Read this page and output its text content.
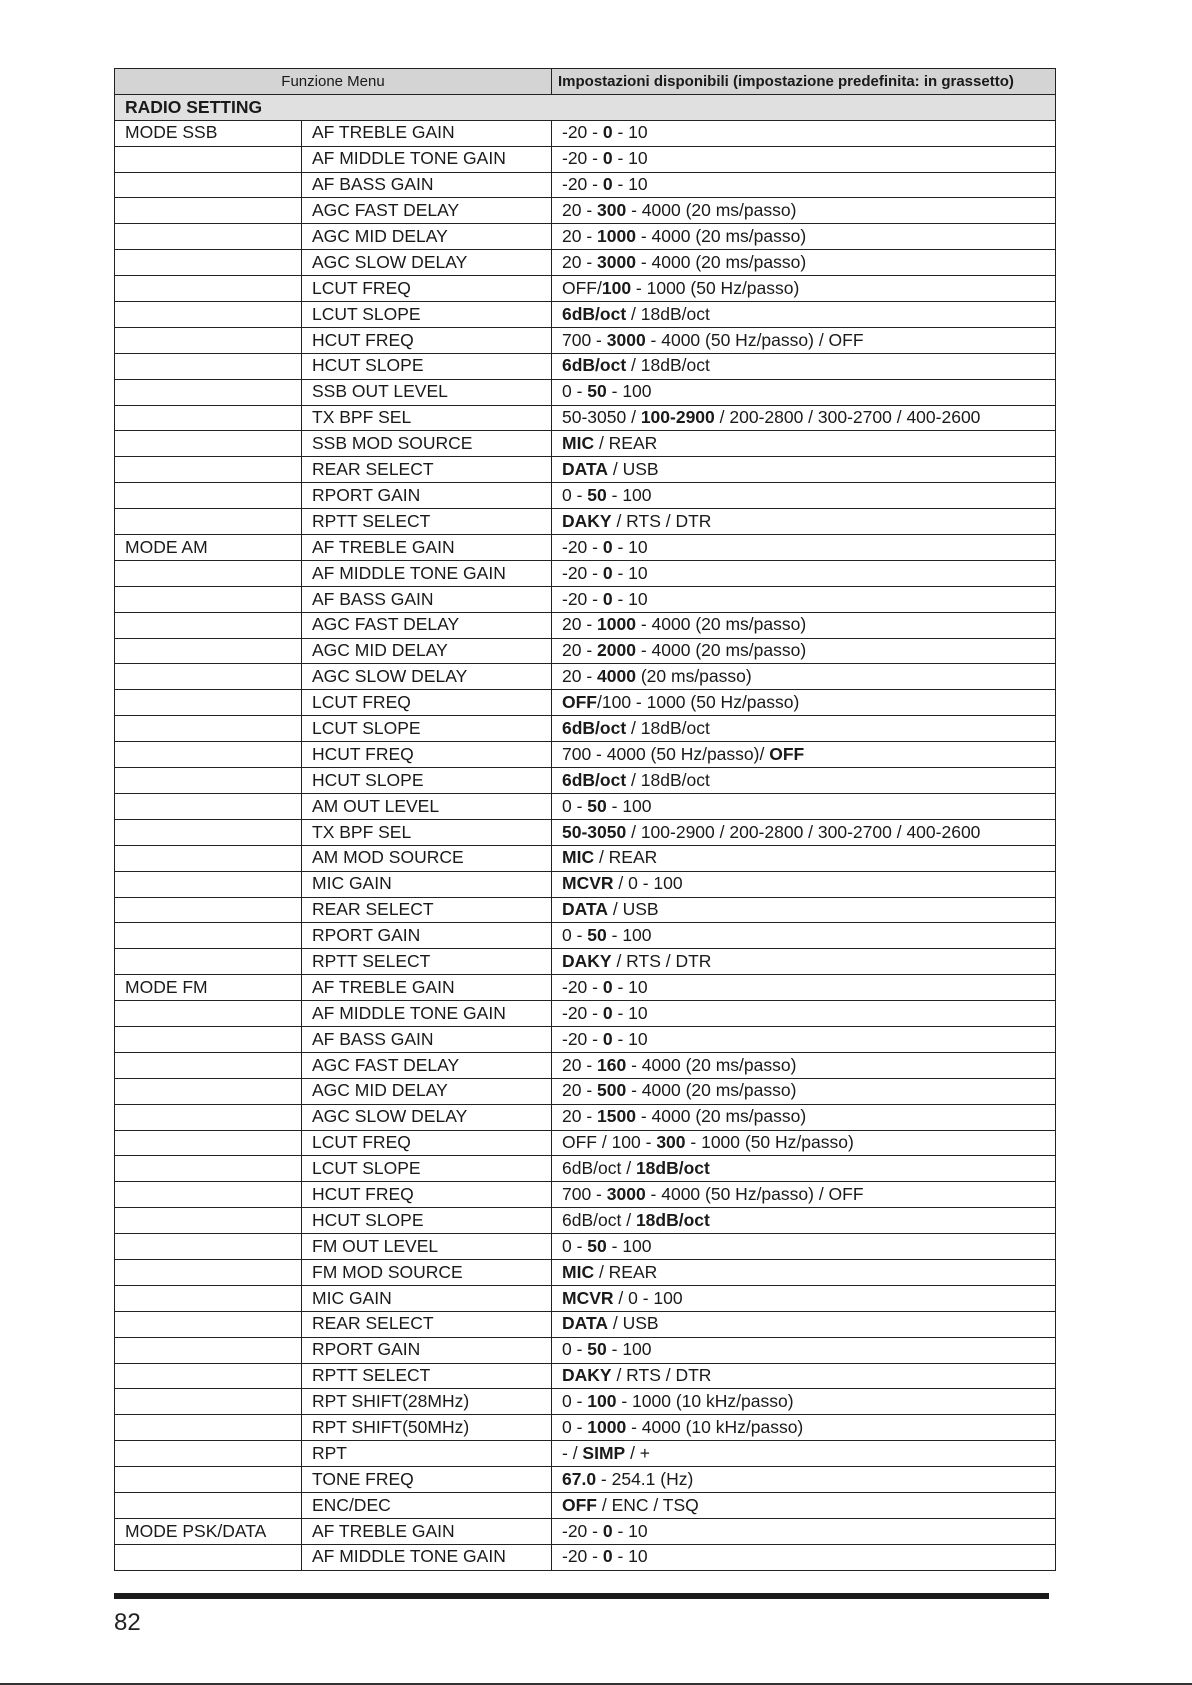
Funzione Menu		Impostazioni disponibili (impostazione predefinita: in grassetto)
RADIO SETTING		
MODE SSB	AF TREBLE GAIN	-20 - 0 - 10
	AF MIDDLE TONE GAIN	-20 - 0 - 10
	AF BASS GAIN	-20 - 0 - 10
	AGC FAST DELAY	20 - 300 - 4000 (20 ms/passo)
	AGC MID DELAY	20 - 1000 - 4000 (20 ms/passo)
	AGC SLOW DELAY	20 - 3000 - 4000 (20 ms/passo)
	LCUT FREQ	OFF/100 - 1000 (50 Hz/passo)
	LCUT SLOPE	6dB/oct / 18dB/oct
	HCUT FREQ	700 - 3000 - 4000 (50 Hz/passo) / OFF
	HCUT SLOPE	6dB/oct / 18dB/oct
	SSB OUT LEVEL	0 - 50 - 100
	TX BPF SEL	50-3050 / 100-2900 / 200-2800 / 300-2700 / 400-2600
	SSB MOD SOURCE	MIC / REAR
	REAR SELECT	DATA / USB
	RPORT GAIN	0 - 50 - 100
	RPTT SELECT	DAKY / RTS / DTR
MODE AM	AF TREBLE GAIN	-20 - 0 - 10
	AF MIDDLE TONE GAIN	-20 - 0 - 10
	AF BASS GAIN	-20 - 0 - 10
	AGC FAST DELAY	20 - 1000 - 4000 (20 ms/passo)
	AGC MID DELAY	20 - 2000 - 4000 (20 ms/passo)
	AGC SLOW DELAY	20 - 4000 (20 ms/passo)
	LCUT FREQ	OFF/100 - 1000 (50 Hz/passo)
	LCUT SLOPE	6dB/oct / 18dB/oct
	HCUT FREQ	700 - 4000 (50 Hz/passo)/ OFF
	HCUT SLOPE	6dB/oct / 18dB/oct
	AM OUT LEVEL	0 - 50 - 100
	TX BPF SEL	50-3050 / 100-2900 / 200-2800 / 300-2700 / 400-2600
	AM MOD SOURCE	MIC / REAR
	MIC GAIN	MCVR / 0 - 100
	REAR SELECT	DATA / USB
	RPORT GAIN	0 - 50 - 100
	RPTT SELECT	DAKY / RTS / DTR
MODE FM	AF TREBLE GAIN	-20 - 0 - 10
	AF MIDDLE TONE GAIN	-20 - 0 - 10
	AF BASS GAIN	-20 - 0 - 10
	AGC FAST DELAY	20 - 160 - 4000 (20 ms/passo)
	AGC MID DELAY	20 - 500 - 4000 (20 ms/passo)
	AGC SLOW DELAY	20 - 1500 - 4000 (20 ms/passo)
	LCUT FREQ	OFF / 100 - 300 - 1000 (50 Hz/passo)
	LCUT SLOPE	6dB/oct / 18dB/oct
	HCUT FREQ	700 - 3000 - 4000 (50 Hz/passo) / OFF
	HCUT SLOPE	6dB/oct / 18dB/oct
	FM OUT LEVEL	0 - 50 - 100
	FM MOD SOURCE	MIC / REAR
	MIC GAIN	MCVR / 0 - 100
	REAR SELECT	DATA / USB
	RPORT GAIN	0 - 50 - 100
	RPTT SELECT	DAKY / RTS / DTR
	RPT SHIFT(28MHz)	0 - 100 - 1000 (10 kHz/passo)
	RPT SHIFT(50MHz)	0 - 1000 - 4000 (10 kHz/passo)
	RPT	- / SIMP / +
	TONE FREQ	67.0 - 254.1 (Hz)
	ENC/DEC	OFF / ENC / TSQ
MODE PSK/DATA	AF TREBLE GAIN	-20 - 0 - 10
	AF MIDDLE TONE GAIN	-20 - 0 - 10
82
